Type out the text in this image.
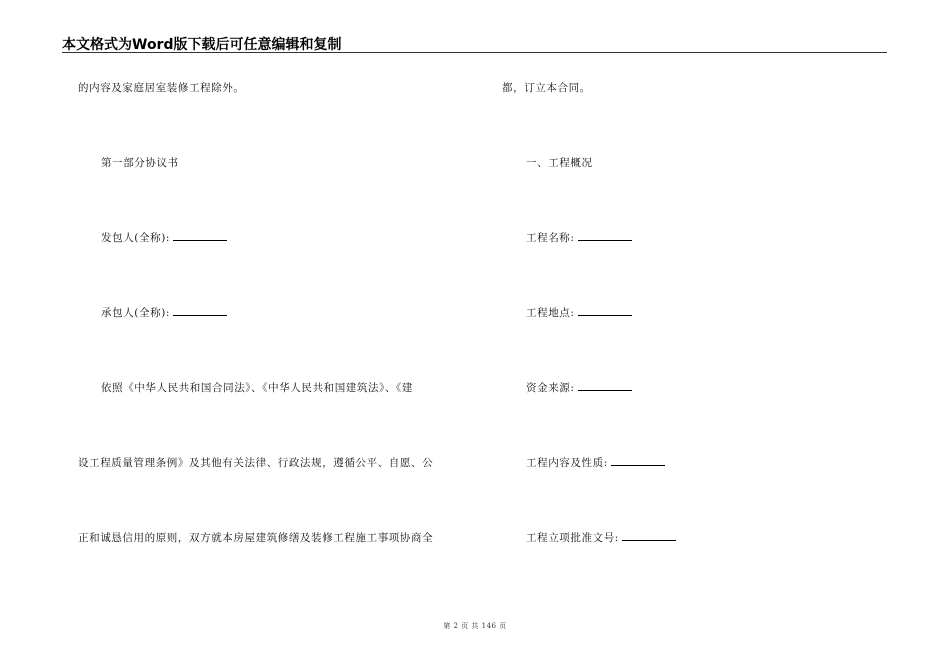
本文格式为Word版下载后可任意编辑和复制
的内容及家庭居室装修工程除外。
第一部分协议书
发包人(全称):
承包人(全称):
依照《中华人民共和国合同法》、《中华人民共和国建筑法》、《建
设工程质量管理条例》及其他有关法律、行政法规，遵循公平、自愿、公
正和诚恳信用的原则，双方就本房屋建筑修缮及装修工程施工事项协商全
都，订立本合同。
一、工程概况
工程名称:
工程地点:
资金来源:
工程内容及性质:
工程立项批准文号:
第 2 页 共 146 页
